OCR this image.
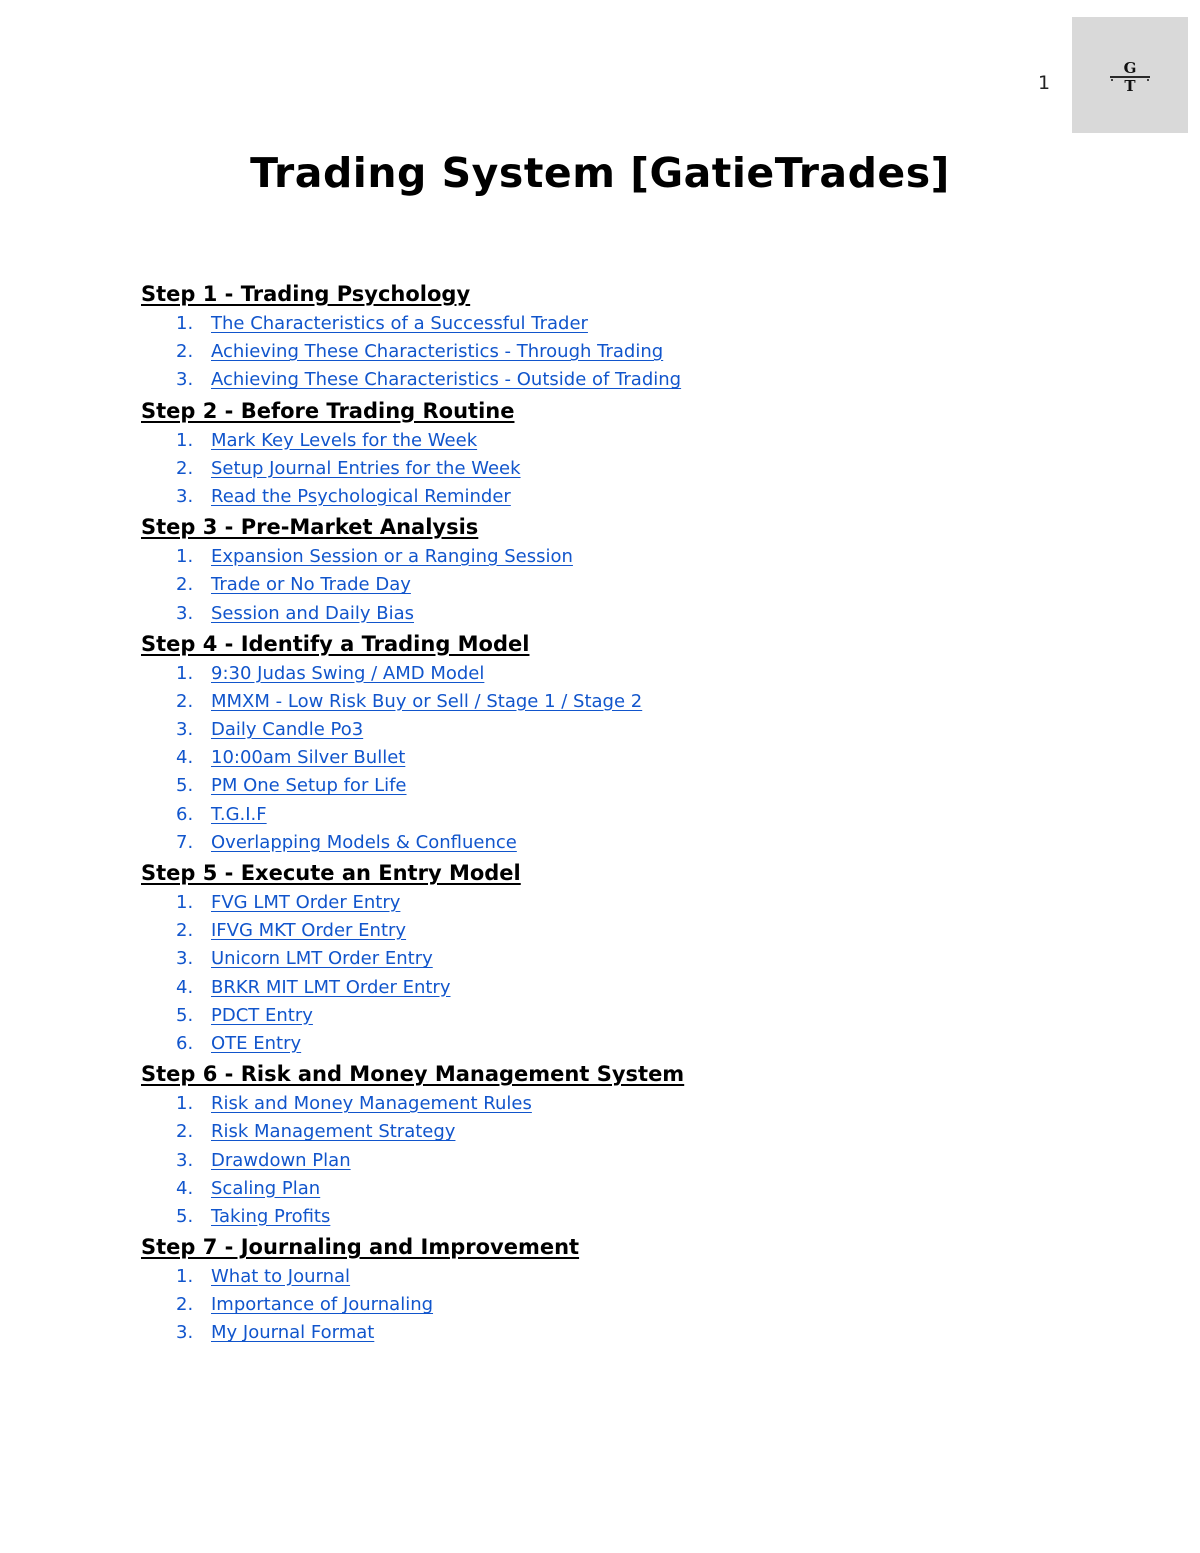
1
G
T
Trading System [GatieTrades]
Step 1 - Trading Psychology
1. The Characteristics of a Successful Trader
2. Achieving These Characteristics - Through Trading
3. Achieving These Characteristics - Outside of Trading
Step 2 - Before Trading Routine
1. Mark Key Levels for the Week
2. Setup Journal Entries for the Week
3. Read the Psychological Reminder
Step 3 - Pre-Market Analysis
1. Expansion Session or a Ranging Session
2. Trade or No Trade Day
3. Session and Daily Bias
Step 4 - Identify a Trading Model
1. 9:30 Judas Swing / AMD Model
2. MMXM - Low Risk Buy or Sell / Stage 1 / Stage 2
3. Daily Candle Po3
4. 10:00am Silver Bullet
5. PM One Setup for Life
6. T.G.I.F
7. Overlapping Models & Confluence
Step 5 - Execute an Entry Model
1. FVG LMT Order Entry
2. IFVG MKT Order Entry
3. Unicorn LMT Order Entry
4. BRKR MIT LMT Order Entry
5. PDCT Entry
6. OTE Entry
Step 6 - Risk and Money Management System
1. Risk and Money Management Rules
2. Risk Management Strategy
3. Drawdown Plan
4. Scaling Plan
5. Taking Profits
Step 7 - Journaling and Improvement
1. What to Journal
2. Importance of Journaling
3. My Journal Format
